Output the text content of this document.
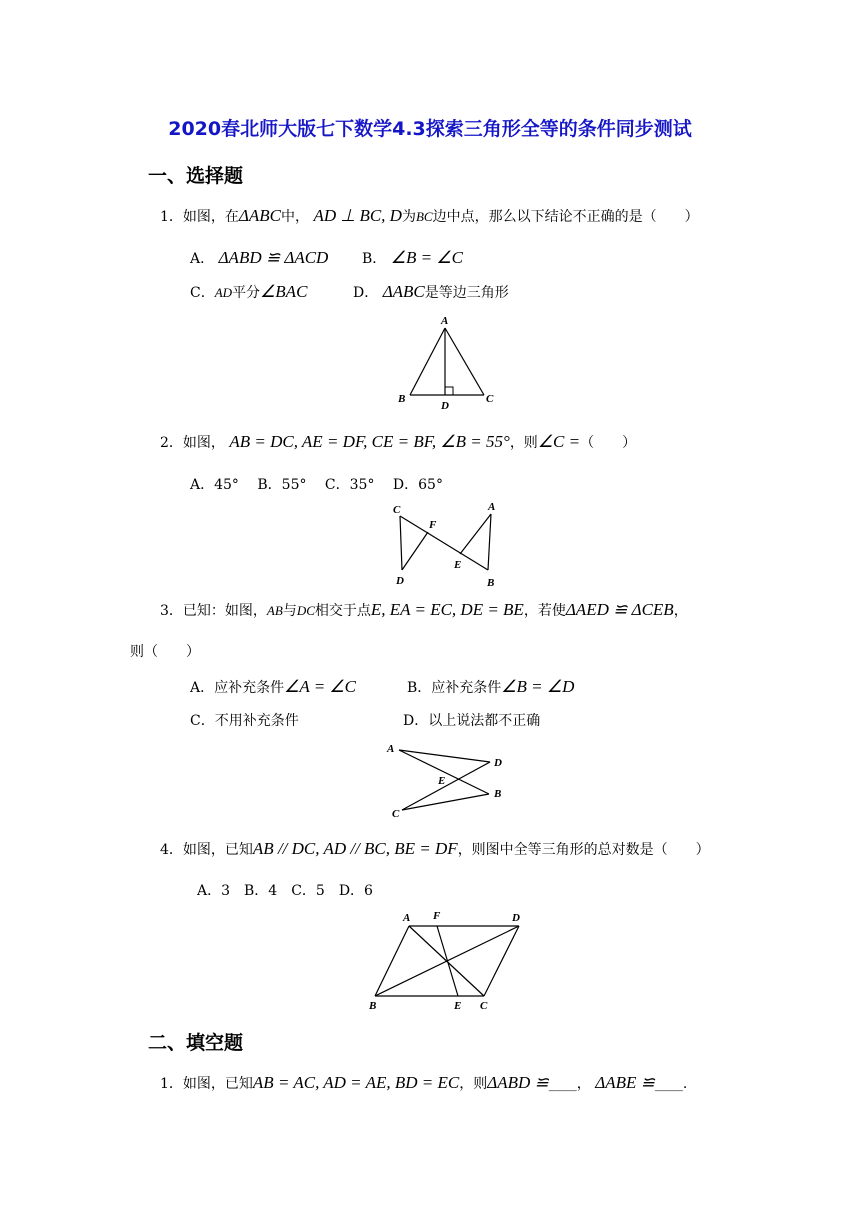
2020春北师大版七下数学4.3探索三角形全等的条件同步测试
一、选择题
1．如图，在ΔABC中， AD ⊥ BC, D为BC边中点，那么以下结论不正确的是（　　）
A． ΔABD ≌ ΔACD B． ∠B = ∠C
C．AD平分∠BAC	D． ΔABC是等边三角形
A
B	C
D
2．如图， AB = DC, AE = DF, CE = BF, ∠B = 55°，则∠C =（　　）
A．45°　 B．55°　 C．35°　 D．65°
C
F
A
D
E
B
3．已知：如图，AB与DC相交于点E, EA = EC, DE = BE，若使ΔAED ≌ ΔCEB，
则（　　）
A．应补充条件∠A = ∠C	B．应补充条件∠B = ∠D
C．不用补充条件	D．以上说法都不正确
A
D
E
B
C
4．如图，已知AB // DC, AD // BC, BE = DF，则图中全等三角形的总对数是（　　）
A．3　B．4　C．5　D．6
A F	D
B	E C
二、填空题
1．如图，已知AB = AC, AD = AE, BD = EC，则ΔABD ≌____， ΔABE ≌____.
